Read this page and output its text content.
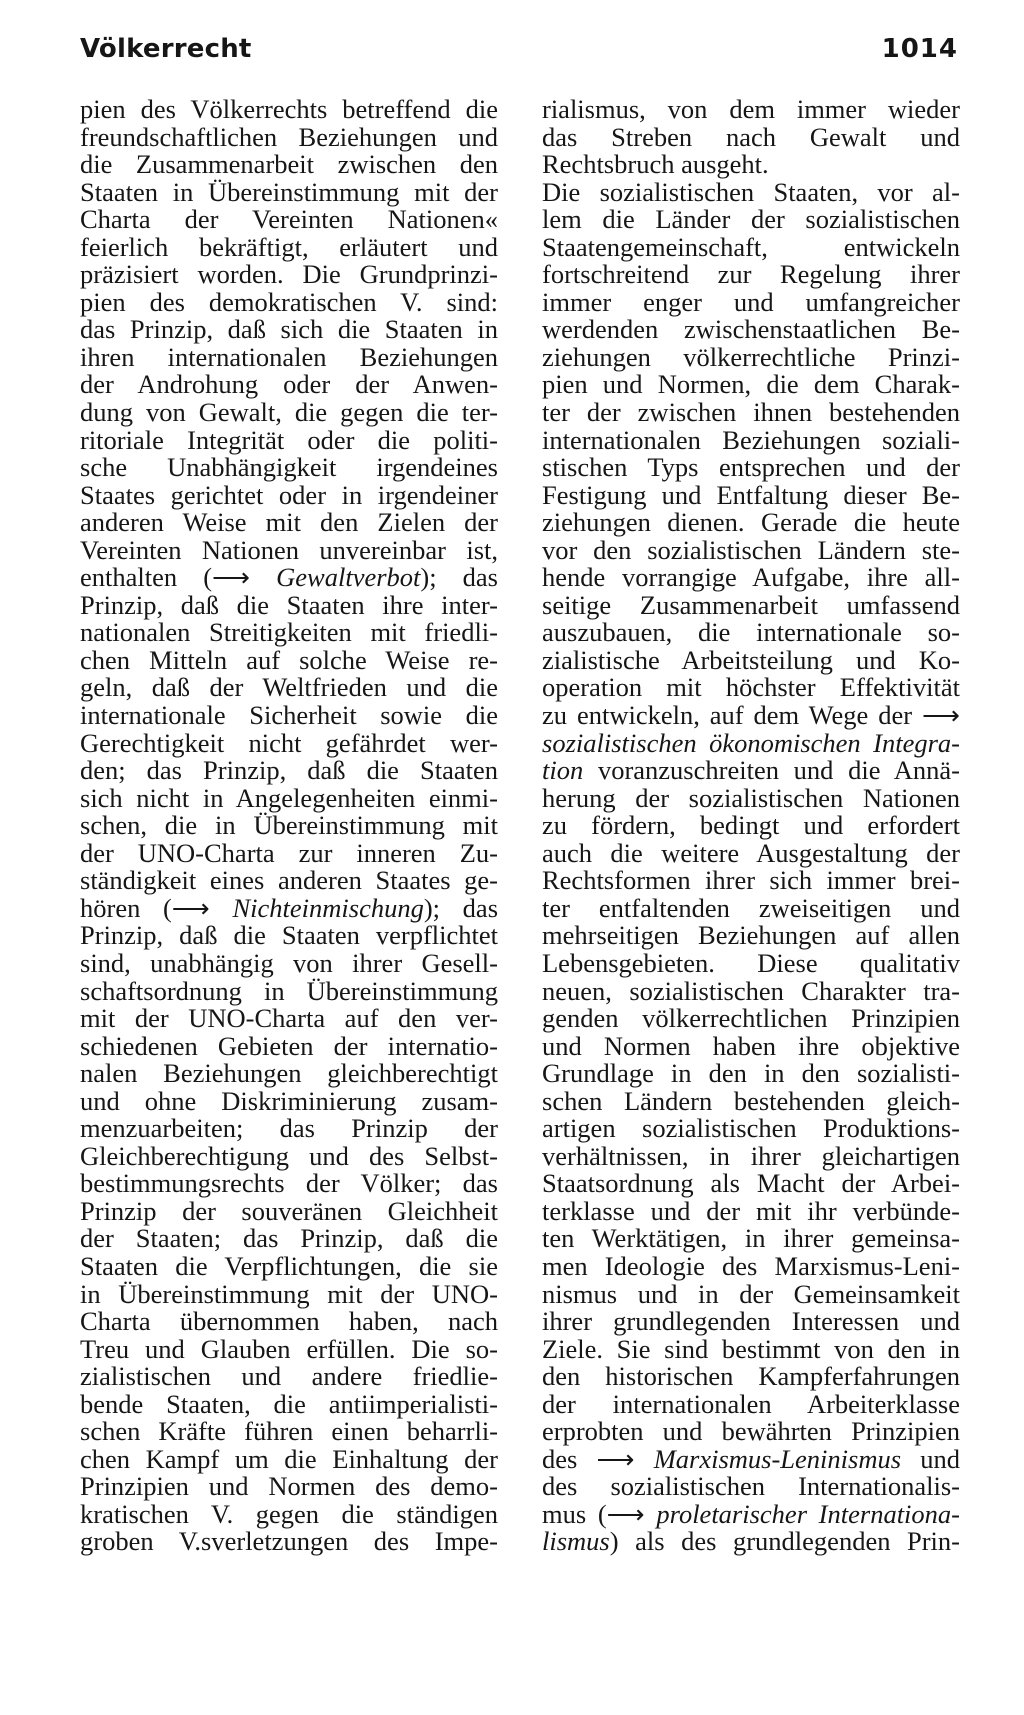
Völkerrecht	1014
pien des Völkerrechts betreffend die
freundschaftlichen Beziehungen und
die Zusammenarbeit zwischen den
Staaten in Übereinstimmung mit der
Charta der Vereinten Nationen«
feierlich bekräftigt, erläutert und
präzisiert worden. Die Grundprinzi-
pien des demokratischen V. sind:
das Prinzip, daß sich die Staaten in
ihren internationalen Beziehungen
der Androhung oder der Anwen-
dung von Gewalt, die gegen die ter-
ritoriale Integrität oder die politi-
sche Unabhängigkeit irgendeines
Staates gerichtet oder in irgendeiner
anderen Weise mit den Zielen der
Vereinten Nationen unvereinbar ist,
enthalten (⟶ Gewaltverbot); das
Prinzip, daß die Staaten ihre inter-
nationalen Streitigkeiten mit friedli-
chen Mitteln auf solche Weise re-
geln, daß der Weltfrieden und die
internationale Sicherheit sowie die
Gerechtigkeit nicht gefährdet wer-
den; das Prinzip, daß die Staaten
sich nicht in Angelegenheiten einmi-
schen, die in Übereinstimmung mit
der UNO-Charta zur inneren Zu-
ständigkeit eines anderen Staates ge-
hören (⟶ Nichteinmischung); das
Prinzip, daß die Staaten verpflichtet
sind, unabhängig von ihrer Gesell-
schaftsordnung in Übereinstimmung
mit der UNO-Charta auf den ver-
schiedenen Gebieten der internatio-
nalen Beziehungen gleichberechtigt
und ohne Diskriminierung zusam-
menzuarbeiten; das Prinzip der
Gleichberechtigung und des Selbst-
bestimmungsrechts der Völker; das
Prinzip der souveränen Gleichheit
der Staaten; das Prinzip, daß die
Staaten die Verpflichtungen, die sie
in Übereinstimmung mit der UNO-
Charta übernommen haben, nach
Treu und Glauben erfüllen. Die so-
zialistischen und andere friedlie-
bende Staaten, die antiimperialisti-
schen Kräfte führen einen beharrli-
chen Kampf um die Einhaltung der
Prinzipien und Normen des demo-
kratischen V. gegen die ständigen
groben V.sverletzungen des Impe-
rialismus, von dem immer wieder
das Streben nach Gewalt und
Rechtsbruch ausgeht.
Die sozialistischen Staaten, vor al-
lem die Länder der sozialistischen
Staatengemeinschaft, entwickeln
fortschreitend zur Regelung ihrer
immer enger und umfangreicher
werdenden zwischenstaatlichen Be-
ziehungen völkerrechtliche Prinzi-
pien und Normen, die dem Charak-
ter der zwischen ihnen bestehenden
internationalen Beziehungen soziali-
stischen Typs entsprechen und der
Festigung und Entfaltung dieser Be-
ziehungen dienen. Gerade die heute
vor den sozialistischen Ländern ste-
hende vorrangige Aufgabe, ihre all-
seitige Zusammenarbeit umfassend
auszubauen, die internationale so-
zialistische Arbeitsteilung und Ko-
operation mit höchster Effektivität
zu entwickeln, auf dem Wege der ⟶
sozialistischen ökonomischen Integra-
tion voranzuschreiten und die Annä-
herung der sozialistischen Nationen
zu fördern, bedingt und erfordert
auch die weitere Ausgestaltung der
Rechtsformen ihrer sich immer brei-
ter entfaltenden zweiseitigen und
mehrseitigen Beziehungen auf allen
Lebensgebieten. Diese qualitativ
neuen, sozialistischen Charakter tra-
genden völkerrechtlichen Prinzipien
und Normen haben ihre objektive
Grundlage in den in den sozialisti-
schen Ländern bestehenden gleich-
artigen sozialistischen Produktions-
verhältnissen, in ihrer gleichartigen
Staatsordnung als Macht der Arbei-
terklasse und der mit ihr verbünde-
ten Werktätigen, in ihrer gemeinsa-
men Ideologie des Marxismus-Leni-
nismus und in der Gemeinsamkeit
ihrer grundlegenden Interessen und
Ziele. Sie sind bestimmt von den in
den historischen Kampferfahrungen
der internationalen Arbeiterklasse
erprobten und bewährten Prinzipien
des ⟶ Marxismus-Leninismus und
des sozialistischen Internationalis-
mus (⟶ proletarischer Internationa-
lismus) als des grundlegenden Prin-
